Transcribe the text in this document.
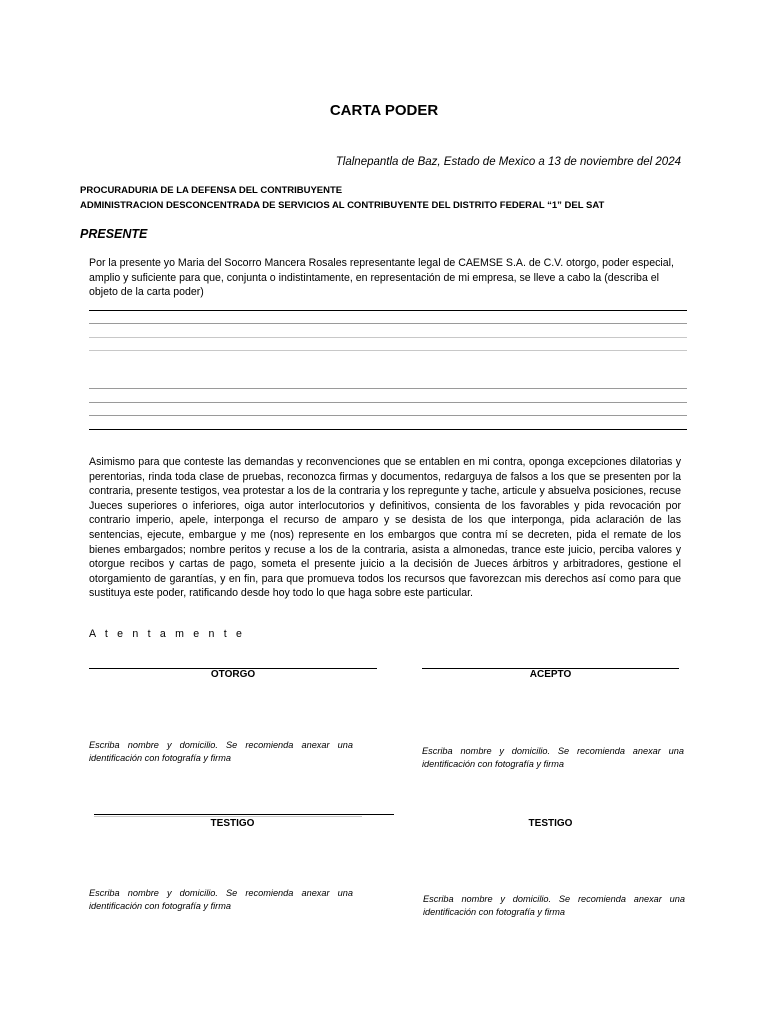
CARTA PODER
Tlalnepantla de Baz, Estado de Mexico a 13 de noviembre del 2024
PROCURADURIA DE LA DEFENSA DEL CONTRIBUYENTE
ADMINISTRACION DESCONCENTRADA DE SERVICIOS AL CONTRIBUYENTE DEL DISTRITO FEDERAL “1” DEL SAT
PRESENTE
Por la presente yo Maria del Socorro Mancera Rosales representante legal de CAEMSE S.A. de C.V. otorgo, poder especial, amplio y suficiente para que, conjunta o indistintamente, en representación de mi empresa, se lleve a cabo la (describa el objeto de la carta poder)
Asimismo para que conteste las demandas y reconvenciones que se entablen en mi contra, oponga excepciones dilatorias y perentorias, rinda toda clase de pruebas, reconozca firmas y documentos, redarguya de falsos a los que se presenten por la contraria, presente testigos, vea protestar a los de la contraria y los repregunte y tache, articule y absuelva posiciones, recuse Jueces superiores o inferiores, oiga autor interlocutorios y definitivos, consienta de los favorables y pida revocación por contrario imperio, apele, interponga el recurso de amparo y se desista de los que interponga, pida aclaración de las sentencias, ejecute, embargue y me (nos) represente en los embargos que contra mí se decreten, pida el remate de los bienes embargados; nombre peritos y recuse a los de la contraria, asista a almonedas, trance este juicio, perciba valores y otorgue recibos y cartas de pago, someta el presente juicio a la decisión de Jueces árbitros y arbitradores, gestione el otorgamiento de garantías, y en fin, para que promueva todos los recursos que favorezcan mis derechos así como para que sustituya este poder, ratificando desde hoy todo lo que haga sobre este particular.
A t e n t a m e n t e
OTORGO
Escriba nombre y domicilio. Se recomienda anexar una identificación con fotografía y firma
ACEPTO
Escriba nombre y domicilio. Se recomienda anexar una identificación con fotografía y firma
TESTIGO
Escriba nombre y domicilio. Se recomienda anexar una identificación con fotografía y firma
TESTIGO
Escriba nombre y domicilio. Se recomienda anexar una identificación con fotografía y firma
